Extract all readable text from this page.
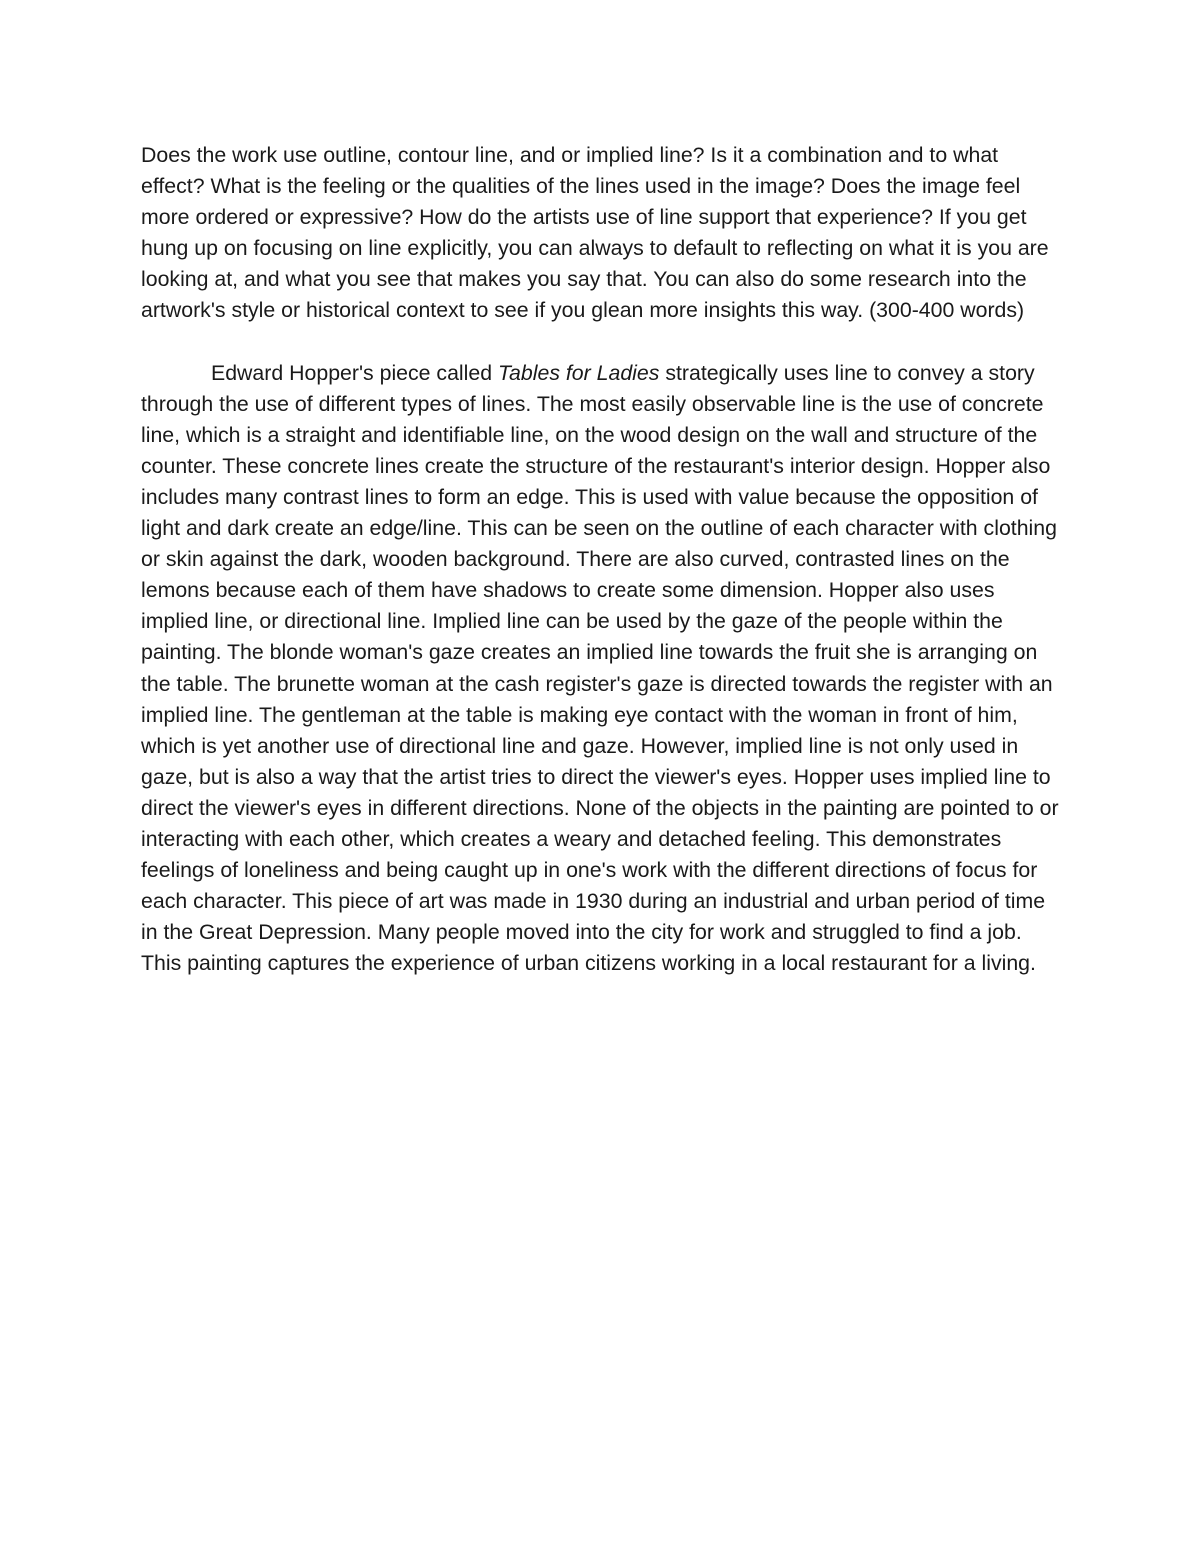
Does the work use outline, contour line, and or implied line? Is it a combination and to what effect? What is the feeling or the qualities of the lines used in the image? Does the image feel more ordered or expressive? How do the artists use of line support that experience? If you get hung up on focusing on line explicitly, you can always to default to reflecting on what it is you are looking at, and what you see that makes you say that. You can also do some research into the artwork's style or historical context to see if you glean more insights this way. (300-400 words)

Edward Hopper's piece called Tables for Ladies strategically uses line to convey a story through the use of different types of lines. The most easily observable line is the use of concrete line, which is a straight and identifiable line, on the wood design on the wall and structure of the counter. These concrete lines create the structure of the restaurant's interior design. Hopper also includes many contrast lines to form an edge. This is used with value because the opposition of light and dark create an edge/line. This can be seen on the outline of each character with clothing or skin against the dark, wooden background. There are also curved, contrasted lines on the lemons because each of them have shadows to create some dimension. Hopper also uses implied line, or directional line. Implied line can be used by the gaze of the people within the painting. The blonde woman's gaze creates an implied line towards the fruit she is arranging on the table. The brunette woman at the cash register's gaze is directed towards the register with an implied line. The gentleman at the table is making eye contact with the woman in front of him, which is yet another use of directional line and gaze. However, implied line is not only used in gaze, but is also a way that the artist tries to direct the viewer's eyes. Hopper uses implied line to direct the viewer's eyes in different directions. None of the objects in the painting are pointed to or interacting with each other, which creates a weary and detached feeling. This demonstrates feelings of loneliness and being caught up in one's work with the different directions of focus for each character. This piece of art was made in 1930 during an industrial and urban period of time in the Great Depression. Many people moved into the city for work and struggled to find a job. This painting captures the experience of urban citizens working in a local restaurant for a living.
